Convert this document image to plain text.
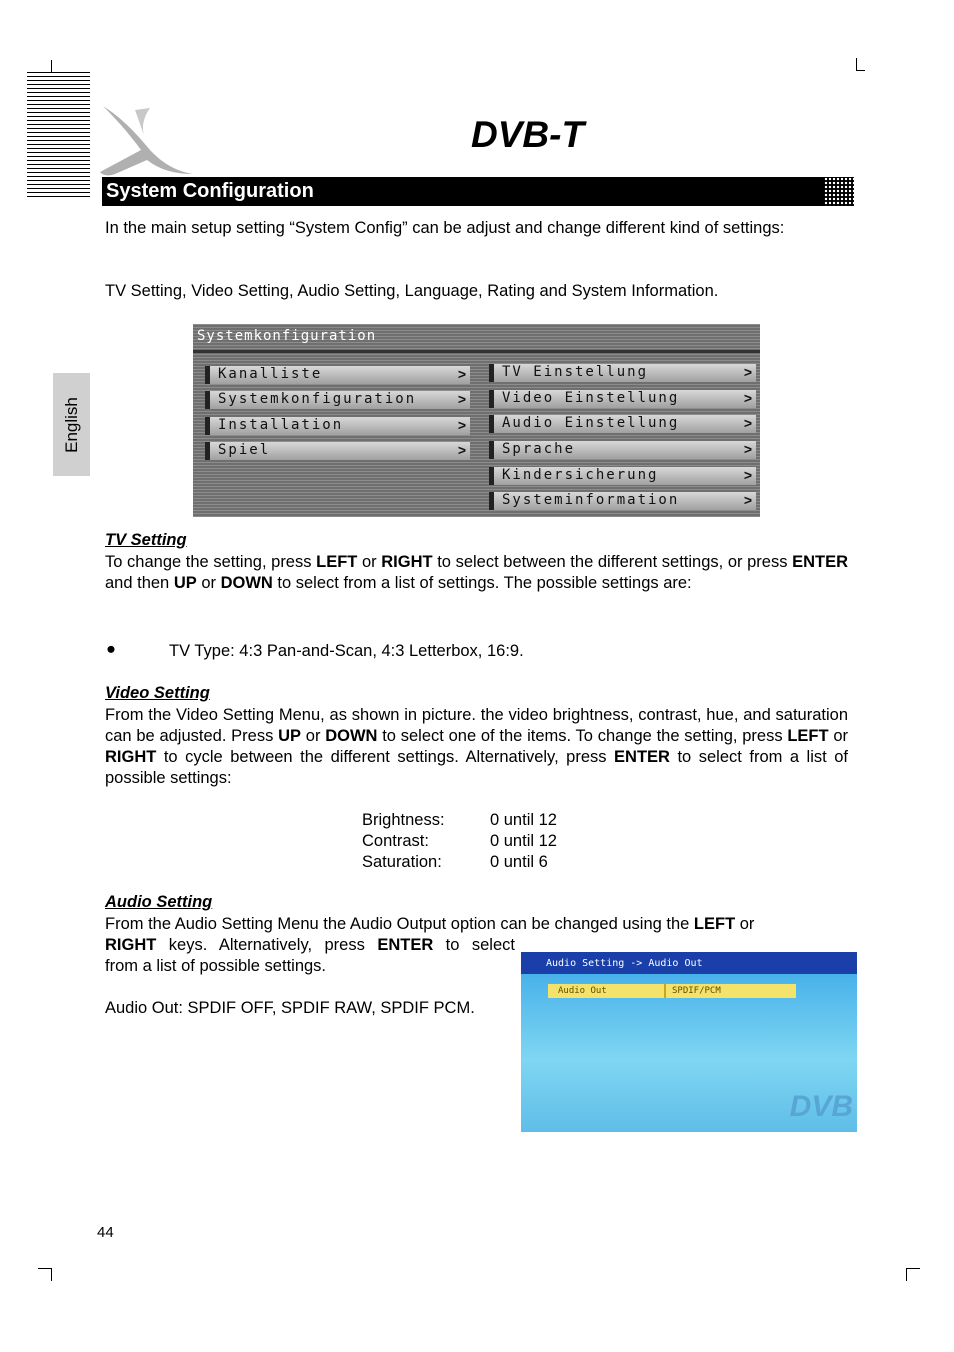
DVB-T
System Configuration
English
In the main setup setting “System Config” can be adjust and change different kind of settings:
TV Setting, Video Setting, Audio Setting, Language, Rating and System Information.
Systemkonfiguration
Kanalliste	>
Systemkonfiguration	>
Installation	>
Spiel	>
TV Einstellung	>
Video Einstellung	>
Audio Einstellung	>
Sprache	>
Kindersicherung	>
Systeminformation	>
TV Setting
To change the setting, press LEFT or RIGHT to select between the different settings, or press ENTER and then UP or DOWN to select from a list of settings. The possible settings are:
●	TV Type: 4:3 Pan-and-Scan, 4:3 Letterbox, 16:9.
Video Setting
From the Video Setting Menu, as shown in picture. the video brightness, contrast, hue, and saturation can be adjusted. Press UP or DOWN to select one of the items. To change the setting, press LEFT or RIGHT to cycle between the different settings. Alternatively, press ENTER to select from a list of possible settings:
Brightness:	0 until 12
Contrast:	0 until 12
Saturation:	0 until 6
Audio Setting
From the Audio Setting Menu the Audio Output option can be changed using the LEFT or
RIGHT keys. Alternatively, press ENTER to select
from a list of possible settings.
Audio Out: SPDIF OFF, SPDIF RAW, SPDIF PCM.
Audio Setting -> Audio Out
Audio Out	SPDIF/PCM
DVB
44
